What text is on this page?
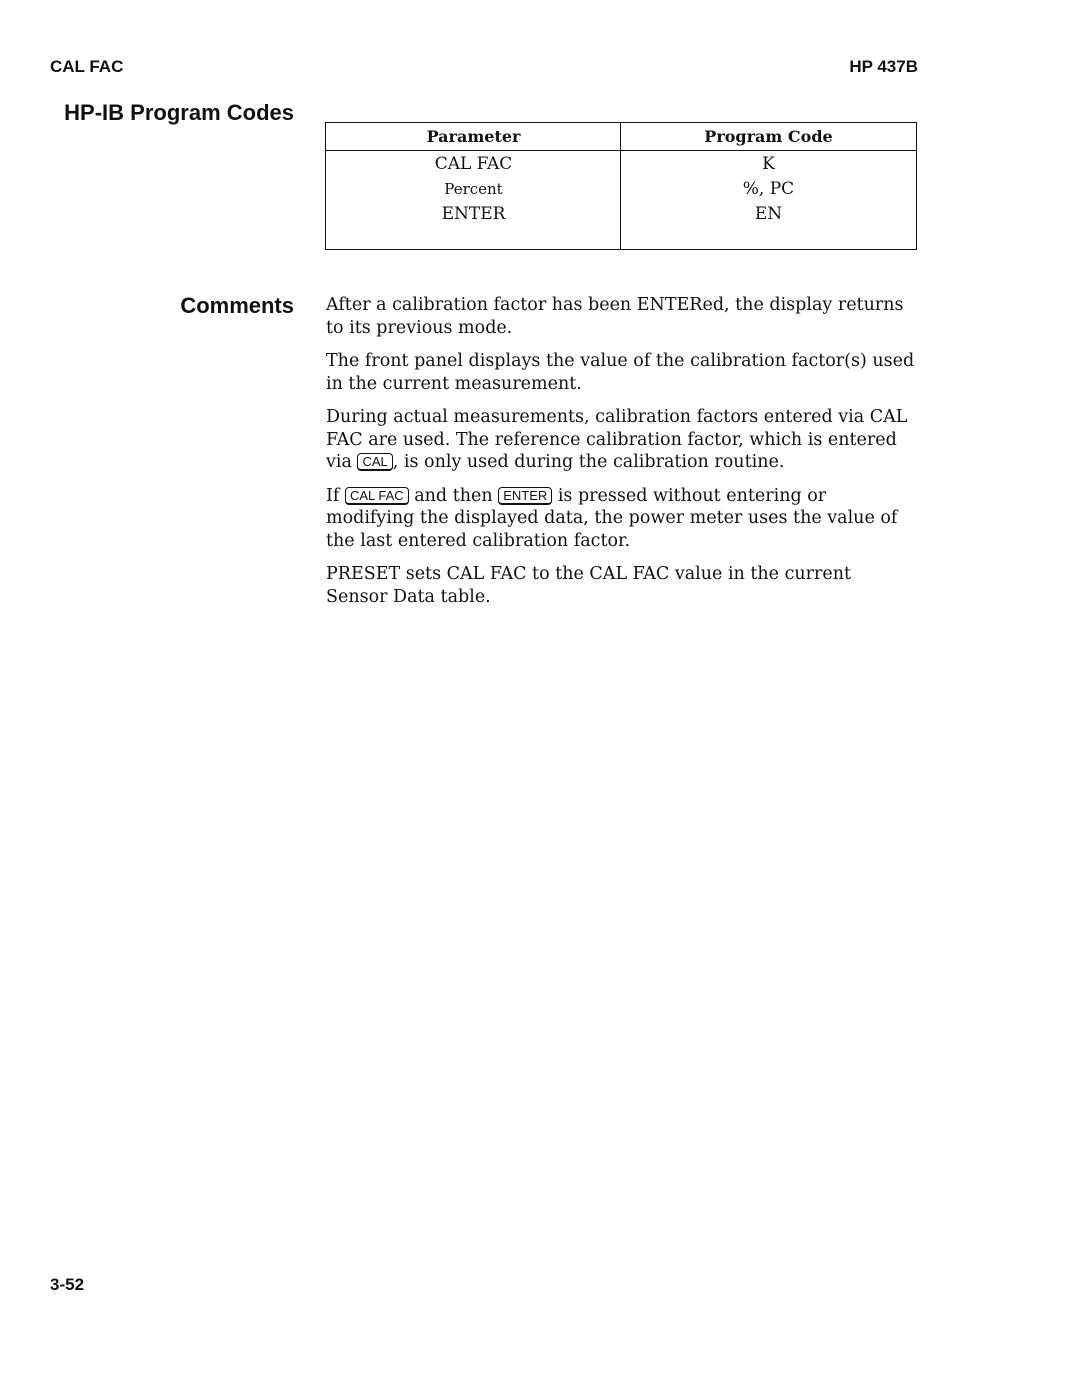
CAL FAC	HP 437B
HP-IB Program Codes
Parameter	Program Code
CAL FAC	K
Percent	%, PC
ENTER	EN
Comments After a calibration factor has been ENTERed, the display returns to its previous mode.

The front panel displays the value of the calibration factor(s) used in the current measurement.

During actual measurements, calibration factors entered via CAL FAC are used. The reference calibration factor, which is entered via CAL , is only used during the calibration routine.

If CAL FAC and then ENTER is pressed without entering or modifying the displayed data, the power meter uses the value of the last entered calibration factor.

PRESET sets CAL FAC to the CAL FAC value in the current Sensor Data table.

3-52
